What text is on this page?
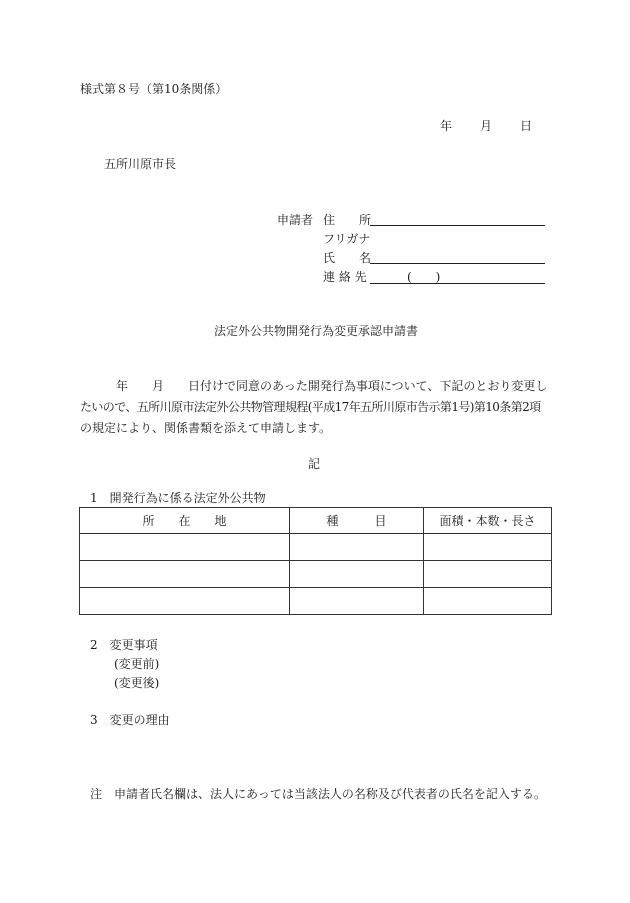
様式第８号（第10条関係）
年 月 日
五所川原市長
申請者 住　　所
フリガナ
氏　　名
連 絡 先	(　　)
法定外公共物開発行為変更承認申請書

　　　年　　月　　日付けで同意のあった開発行為事項について、下記のとおり変更し

たいので、五所川原市法定外公共物管理規程(平成17年五所川原市告示第1号)第10条第2項

の規定により、関係書類を添えて申請します。

記
1　開発行為に係る法定外公共物
所　　在　　地	種　　　目	面積・本数・長さ

2　変更事項
(変更前)
(変更後)
3　変更の理由
注　申請者氏名欄は、法人にあっては当該法人の名称及び代表者の氏名を記入する。
